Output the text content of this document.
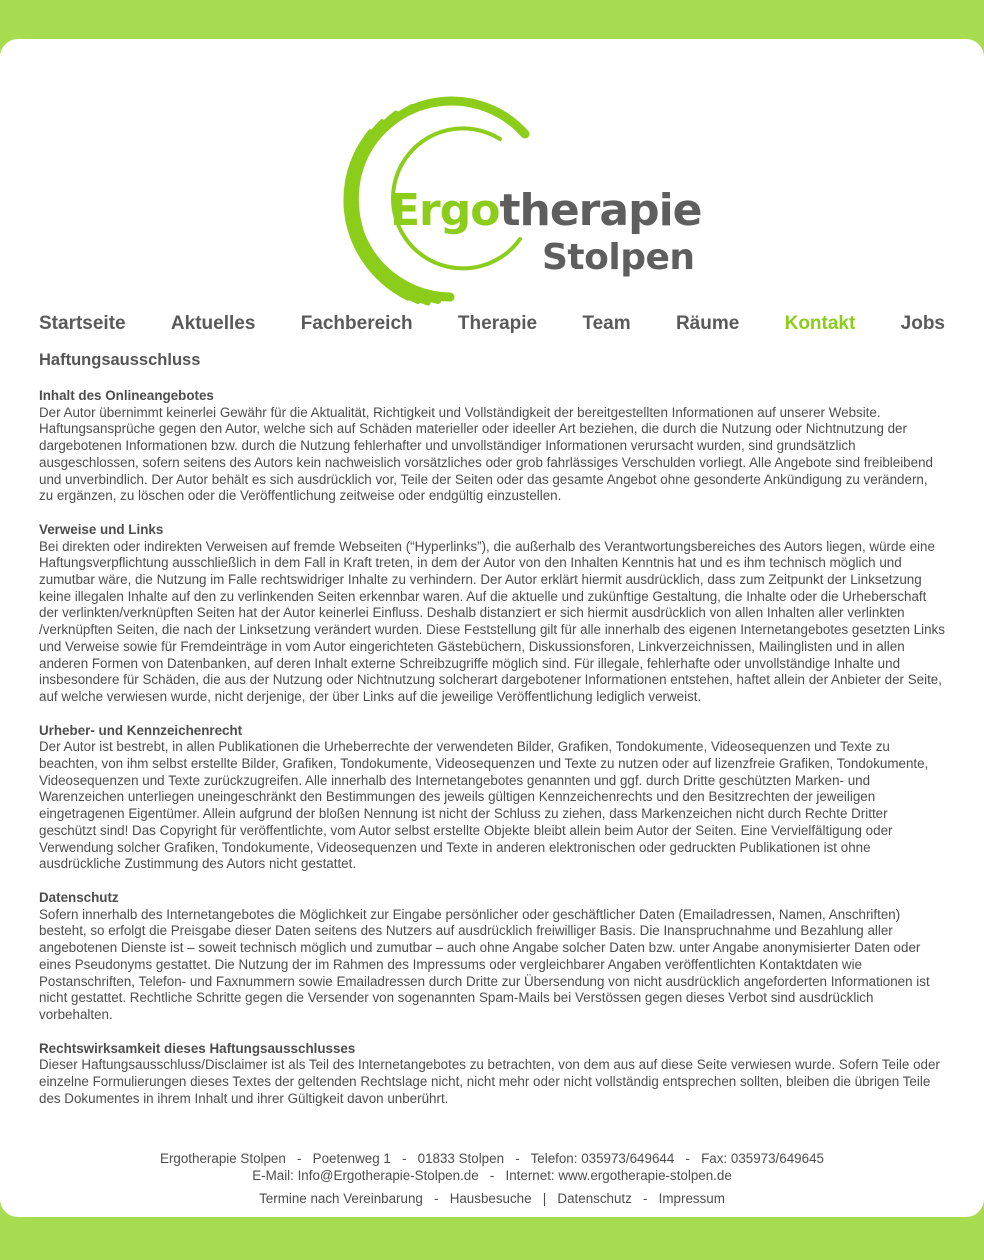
Ergotherapie
Stolpen
Startseite Aktuelles Fachbereich Therapie Team Räume Kontakt Jobs
Haftungsausschluss
Inhalt des Onlineangebotes

Der Autor übernimmt keinerlei Gewähr für die Aktualität, Richtigkeit und Vollständigkeit der bereitgestellten Informationen auf unserer Website. Haftungsansprüche gegen den Autor, welche sich auf Schäden materieller oder ideeller Art beziehen, die durch die Nutzung oder Nichtnutzung der dargebotenen Informationen bzw. durch die Nutzung fehlerhafter und unvollständiger Informationen verursacht wurden, sind grundsätzlich ausgeschlossen, sofern seitens des Autors kein nachweislich vorsätzliches oder grob fahrlässiges Verschulden vorliegt. Alle Angebote sind freibleibend und unverbindlich. Der Autor behält es sich ausdrücklich vor, Teile der Seiten oder das gesamte Angebot ohne gesonderte Ankündigung zu verändern, zu ergänzen, zu löschen oder die Veröffentlichung zeitweise oder endgültig einzustellen.

Verweise und Links

Bei direkten oder indirekten Verweisen auf fremde Webseiten (“Hyperlinks”), die außerhalb des Verantwortungsbereiches des Autors liegen, würde eine Haftungsverpflichtung ausschließlich in dem Fall in Kraft treten, in dem der Autor von den Inhalten Kenntnis hat und es ihm technisch möglich und zumutbar wäre, die Nutzung im Falle rechtswidriger Inhalte zu verhindern. Der Autor erklärt hiermit ausdrücklich, dass zum Zeitpunkt der Linksetzung keine illegalen Inhalte auf den zu verlinkenden Seiten erkennbar waren. Auf die aktuelle und zukünftige Gestaltung, die Inhalte oder die Urheberschaft der verlinkten/verknüpften Seiten hat der Autor keinerlei Einfluss. Deshalb distanziert er sich hiermit ausdrücklich von allen Inhalten aller verlinkten /verknüpften Seiten, die nach der Linksetzung verändert wurden. Diese Feststellung gilt für alle innerhalb des eigenen Internetangebotes gesetzten Links und Verweise sowie für Fremdeinträge in vom Autor eingerichteten Gästebüchern, Diskussionsforen, Linkverzeichnissen, Mailinglisten und in allen anderen Formen von Datenbanken, auf deren Inhalt externe Schreibzugriffe möglich sind. Für illegale, fehlerhafte oder unvollständige Inhalte und insbesondere für Schäden, die aus der Nutzung oder Nichtnutzung solcherart dargebotener Informationen entstehen, haftet allein der Anbieter der Seite, auf welche verwiesen wurde, nicht derjenige, der über Links auf die jeweilige Veröffentlichung lediglich verweist.

Urheber- und Kennzeichenrecht

Der Autor ist bestrebt, in allen Publikationen die Urheberrechte der verwendeten Bilder, Grafiken, Tondokumente, Videosequenzen und Texte zu beachten, von ihm selbst erstellte Bilder, Grafiken, Tondokumente, Videosequenzen und Texte zu nutzen oder auf lizenzfreie Grafiken, Tondokumente, Videosequenzen und Texte zurückzugreifen. Alle innerhalb des Internetangebotes genannten und ggf. durch Dritte geschützten Marken- und Warenzeichen unterliegen uneingeschränkt den Bestimmungen des jeweils gültigen Kennzeichenrechts und den Besitzrechten der jeweiligen eingetragenen Eigentümer. Allein aufgrund der bloßen Nennung ist nicht der Schluss zu ziehen, dass Markenzeichen nicht durch Rechte Dritter geschützt sind! Das Copyright für veröffentlichte, vom Autor selbst erstellte Objekte bleibt allein beim Autor der Seiten. Eine Vervielfältigung oder Verwendung solcher Grafiken, Tondokumente, Videosequenzen und Texte in anderen elektronischen oder gedruckten Publikationen ist ohne ausdrückliche Zustimmung des Autors nicht gestattet.

Datenschutz

Sofern innerhalb des Internetangebotes die Möglichkeit zur Eingabe persönlicher oder geschäftlicher Daten (Emailadressen, Namen, Anschriften) besteht, so erfolgt die Preisgabe dieser Daten seitens des Nutzers auf ausdrücklich freiwilliger Basis. Die Inanspruchnahme und Bezahlung aller angebotenen Dienste ist – soweit technisch möglich und zumutbar – auch ohne Angabe solcher Daten bzw. unter Angabe anonymisierter Daten oder eines Pseudonyms gestattet. Die Nutzung der im Rahmen des Impressums oder vergleichbarer Angaben veröffentlichten Kontaktdaten wie Postanschriften, Telefon- und Faxnummern sowie Emailadressen durch Dritte zur Übersendung von nicht ausdrücklich angeforderten Informationen ist nicht gestattet. Rechtliche Schritte gegen die Versender von sogenannten Spam-Mails bei Verstössen gegen dieses Verbot sind ausdrücklich vorbehalten.

Rechtswirksamkeit dieses Haftungsausschlusses

Dieser Haftungsausschluss/Disclaimer ist als Teil des Internetangebotes zu betrachten, von dem aus auf diese Seite verwiesen wurde. Sofern Teile oder einzelne Formulierungen dieses Textes der geltenden Rechtslage nicht, nicht mehr oder nicht vollständig entsprechen sollten, bleiben die übrigen Teile des Dokumentes in ihrem Inhalt und ihrer Gültigkeit davon unberührt.

Ergotherapie Stolpen - Poetenweg 1 - 01833 Stolpen - Telefon: 035973/649644 - Fax: 035973/649645
E-Mail: Info@Ergotherapie-Stolpen.de - Internet: www.ergotherapie-stolpen.de
Termine nach Vereinbarung - Hausbesuche | Datenschutz - Impressum
